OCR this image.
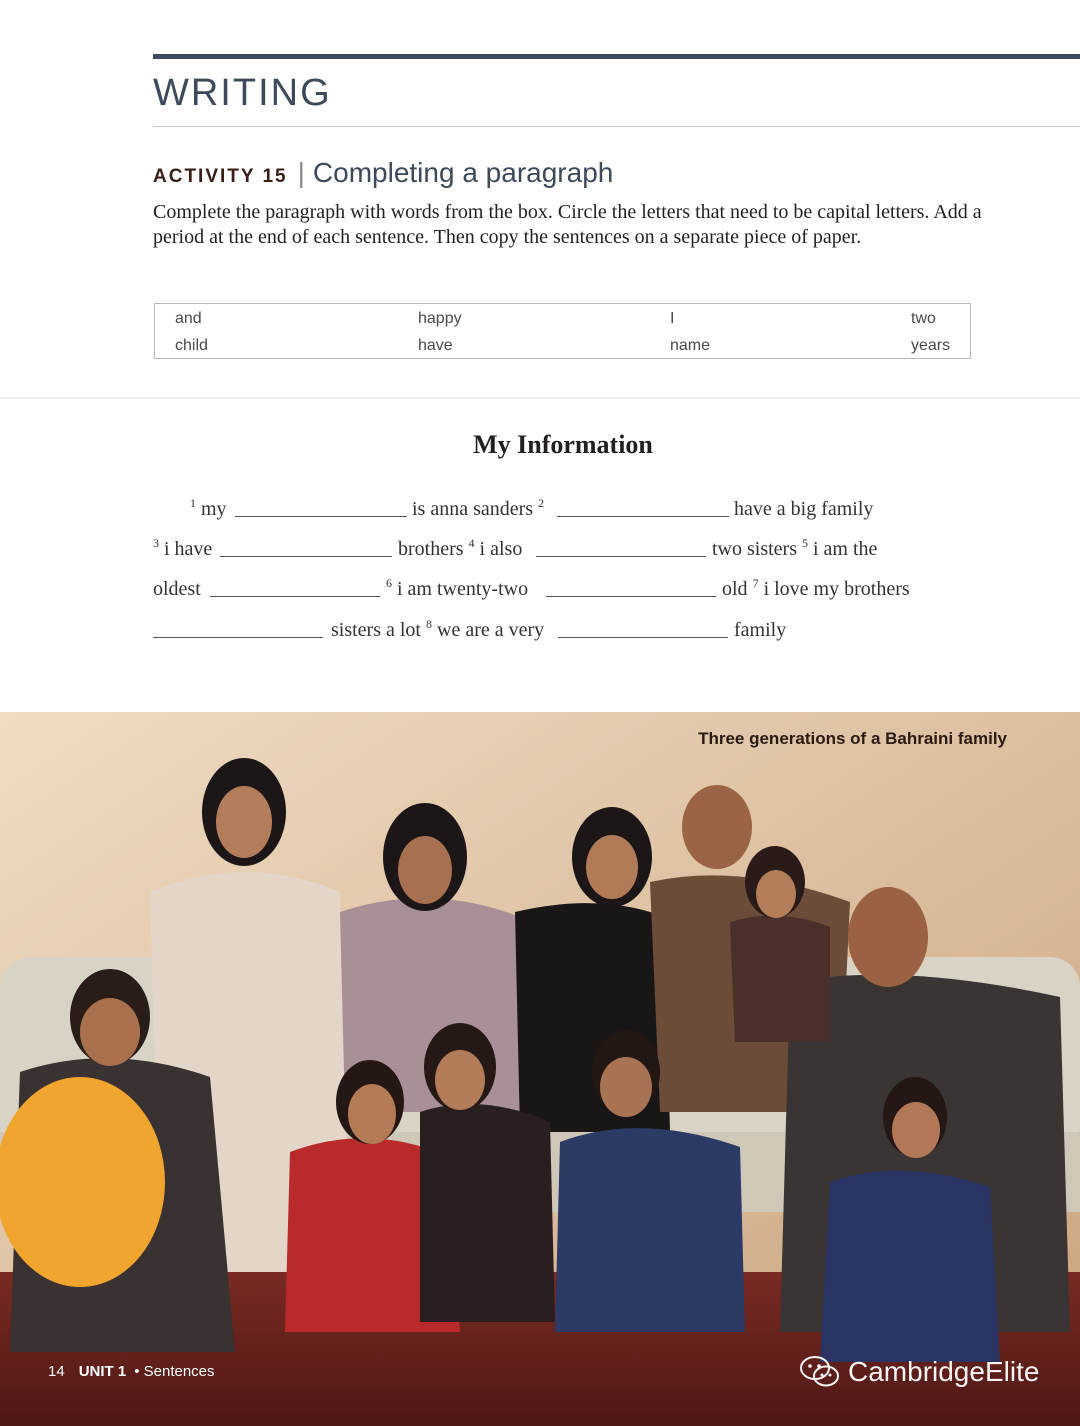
WRITING
ACTIVITY 15 | Completing a paragraph
Complete the paragraph with words from the box. Circle the letters that need to be capital letters. Add a period at the end of each sentence. Then copy the sentences on a separate piece of paper.
and	happy	I	two
child	have	name	years
My Information
$^1$ my	is anna sanders $^2$	have a big family
$^3$ i have	brothers $^4$ i also	two sisters $^5$ i am the
oldest	$^6$ i am twenty-two	old $^7$ i love my brothers
sisters a lot $^8$ we are a very	family
Three generations of a Bahraini family
14 UNIT 1 • Sentences	CambridgeElite
